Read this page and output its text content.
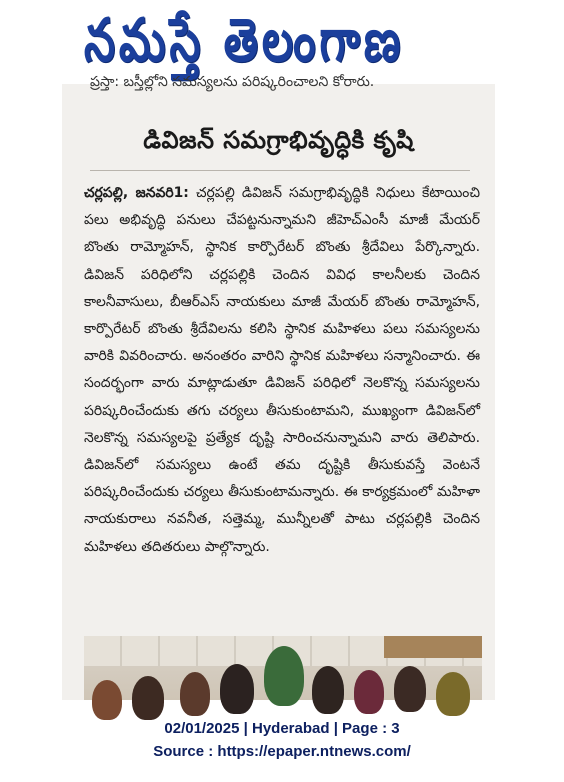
నమస్తే తెలంగాణ
ప్రస్తా: బస్తీల్లోని సమస్యలను పరిష్కరించాలని కోరారు.
డివిజన్ సమగ్రాభివృద్ధికి కృషి
చర్లపల్లి, జనవరి1: చర్లపల్లి డివిజన్ సమగ్రాభివృద్ధికి నిధులు కేటాయించి పలు అభివృద్ధి పనులు చేపట్టనున్నామని జీహెచ్‌ఎంసీ మాజీ మేయర్ బొంతు రామ్మోహన్, స్థానిక కార్పొరేటర్ బొంతు శ్రీదేవిలు పేర్కొన్నారు. డివిజన్ పరిధిలోని చర్లపల్లికి చెందిన వివిధ కాలనీలకు చెందిన కాలనీవాసులు, బీఆర్‌ఎస్ నాయకులు మాజీ మేయర్ బొంతు రామ్మోహన్, కార్పొరేటర్ బొంతు శ్రీదేవిలను కలిసి స్థానిక మహిళలు పలు సమస్యలను వారికి వివరించారు. అనంతరం వారిని స్థానిక మహిళలు సన్మానించారు. ఈ సందర్భంగా వారు మాట్లాడుతూ డివిజన్ పరిధిలో నెలకొన్న సమస్యలను పరిష్కరించేందుకు తగు చర్యలు తీసుకుంటామని, ముఖ్యంగా డివిజన్‌లో నెలకొన్న సమస్యలపై ప్రత్యేక దృష్టి సారించనున్నామని వారు తెలిపారు. డివిజన్‌లో సమస్యలు ఉంటే తమ దృష్టికి తీసుకువస్తే వెంటనే పరిష్కరించేందుకు చర్యలు తీసుకుంటామన్నారు. ఈ కార్యక్రమంలో మహిళా నాయకురాలు నవనీత, సత్తెమ్మ, మున్నీలతో పాటు చర్లపల్లికి చెందిన మహిళలు తదితరులు పాల్గొన్నారు.
02/01/2025 | Hyderabad | Page : 3
Source : https://epaper.ntnews.com/
